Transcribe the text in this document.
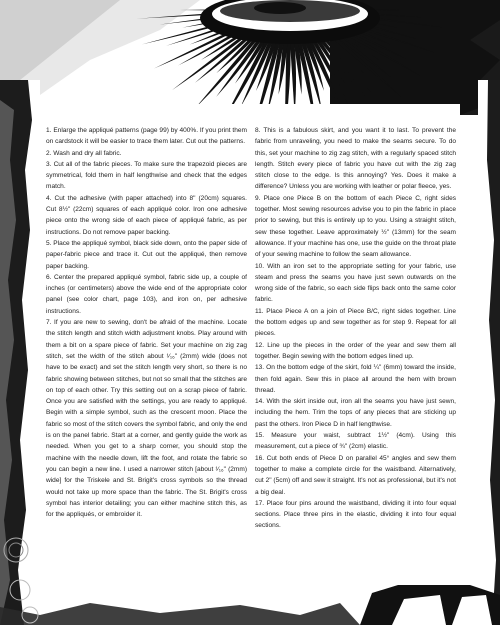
1. Enlarge the appliqué patterns (page 99) by 400%. If you print them on cardstock it will be easier to trace them later. Cut out the patterns.

2. Wash and dry all fabric.

3. Cut all of the fabric pieces. To make sure the trapezoid pieces are symmetrical, fold them in half lengthwise and check that the edges match.

4. Cut the adhesive (with paper attached) into 8" (20cm) squares. Cut 8½" (22cm) squares of each appliqué color. Iron one adhesive piece onto the wrong side of each piece of appliqué fabric, as per instructions. Do not remove paper backing.

5. Place the appliqué symbol, black side down, onto the paper side of paper-fabric piece and trace it. Cut out the appliqué, then remove paper backing.

6. Center the prepared appliqué symbol, fabric side up, a couple of inches (or centimeters) above the wide end of the appropriate color panel (see color chart, page 103), and iron on, per adhesive instructions.

7. If you are new to sewing, don't be afraid of the machine. Locate the stitch length and stitch width adjustment knobs. Play around with them a bit on a spare piece of fabric. Set your machine on zig zag stitch, set the width of the stitch about ¹⁄₁₆" (2mm) wide (does not have to be exact) and set the stitch length very short, so there is no fabric showing between stitches, but not so small that the stitches are on top of each other. Try this setting out on a scrap piece of fabric. Once you are satisfied with the settings, you are ready to appliqué. Begin with a simple symbol, such as the crescent moon. Place the fabric so most of the stitch covers the symbol fabric, and only the end is on the panel fabric. Start at a corner, and gently guide the work as needed. When you get to a sharp corner, you should stop the machine with the needle down, lift the foot, and rotate the fabric so you can begin a new line. I used a narrower stitch [about ¹⁄₁₆" (2mm) wide] for the Triskele and St. Brigit's cross symbols so the thread would not take up more space than the fabric. The St. Brigit's cross symbol has interior detailing; you can either machine stitch this, as for the appliqués, or embroider it.

8. This is a fabulous skirt, and you want it to last. To prevent the fabric from unraveling, you need to make the seams secure. To do this, set your machine to zig zag stitch, with a regularly spaced stitch length. Stitch every piece of fabric you have cut with the zig zag stitch close to the edge. Is this annoying? Yes. Does it make a difference? Unless you are working with leather or polar fleece, yes.

9. Place one Piece B on the bottom of each Piece C, right sides together. Most sewing resources advise you to pin the fabric in place prior to sewing, but this is entirely up to you. Using a straight stitch, sew these together. Leave approximately ½" (13mm) for the seam allowance. If your machine has one, use the guide on the throat plate of your sewing machine to follow the seam allowance.

10. With an iron set to the appropriate setting for your fabric, use steam and press the seams you have just sewn outwards on the wrong side of the fabric, so each side flips back onto the same color fabric.

11. Place Piece A on a join of Piece B/C, right sides together. Line the bottom edges up and sew together as for step 9. Repeat for all pieces.

12. Line up the pieces in the order of the year and sew them all together. Begin sewing with the bottom edges lined up.

13. On the bottom edge of the skirt, fold ¼" (6mm) toward the inside, then fold again. Sew this in place all around the hem with brown thread.

14. With the skirt inside out, iron all the seams you have just sewn, including the hem. Trim the tops of any pieces that are sticking up past the others. Iron Piece D in half lengthwise.

15. Measure your waist, subtract 1½" (4cm). Using this measurement, cut a piece of ¾" (2cm) elastic.

16. Cut both ends of Piece D on parallel 45° angles and sew them together to make a complete circle for the waistband. Alternatively, cut 2" (5cm) off and sew it straight. It's not as professional, but it's not a big deal.

17. Place four pins around the waistband, dividing it into four equal sections. Place three pins in the elastic, dividing it into four equal sections.
